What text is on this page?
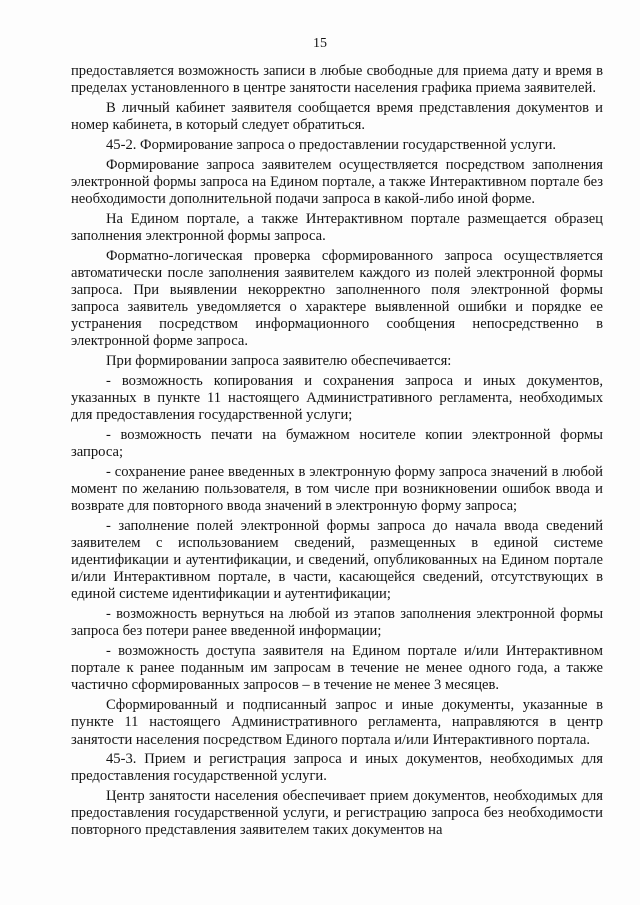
15

предоставляется возможность записи в любые свободные для приема дату и время в пределах установленного в центре занятости населения графика приема заявителей.

В личный кабинет заявителя сообщается время представления документов и номер кабинета, в который следует обратиться.

45-2. Формирование запроса о предоставлении государственной услуги.

Формирование запроса заявителем осуществляется посредством заполнения электронной формы запроса на Едином портале, а также Интерактивном портале без необходимости дополнительной подачи запроса в какой-либо иной форме.

На Едином портале, а также Интерактивном портале размещается образец заполнения электронной формы запроса.

Форматно-логическая проверка сформированного запроса осуществляется автоматически после заполнения заявителем каждого из полей электронной формы запроса. При выявлении некорректно заполненного поля электронной формы запроса заявитель уведомляется о характере выявленной ошибки и порядке ее устранения посредством информационного сообщения непосредственно в электронной форме запроса.

При формировании запроса заявителю обеспечивается:

- возможность копирования и сохранения запроса и иных документов, указанных в пункте 11 настоящего Административного регламента, необходимых для предоставления государственной услуги;

- возможность печати на бумажном носителе копии электронной формы запроса;

- сохранение ранее введенных в электронную форму запроса значений в любой момент по желанию пользователя, в том числе при возникновении ошибок ввода и возврате для повторного ввода значений в электронную форму запроса;

- заполнение полей электронной формы запроса до начала ввода сведений заявителем с использованием сведений, размещенных в единой системе идентификации и аутентификации, и сведений, опубликованных на Едином портале и/или Интерактивном портале, в части, касающейся сведений, отсутствующих в единой системе идентификации и аутентификации;

- возможность вернуться на любой из этапов заполнения электронной формы запроса без потери ранее введенной информации;

- возможность доступа заявителя на Едином портале и/или Интерактивном портале к ранее поданным им запросам в течение не менее одного года, а также частично сформированных запросов – в течение не менее 3 месяцев.

Сформированный и подписанный запрос и иные документы, указанные в пункте 11 настоящего Административного регламента, направляются в центр занятости населения посредством Единого портала и/или Интерактивного портала.

45-3. Прием и регистрация запроса и иных документов, необходимых для предоставления государственной услуги.

Центр занятости населения обеспечивает прием документов, необходимых для предоставления государственной услуги, и регистрацию запроса без необходимости повторного представления заявителем таких документов на
